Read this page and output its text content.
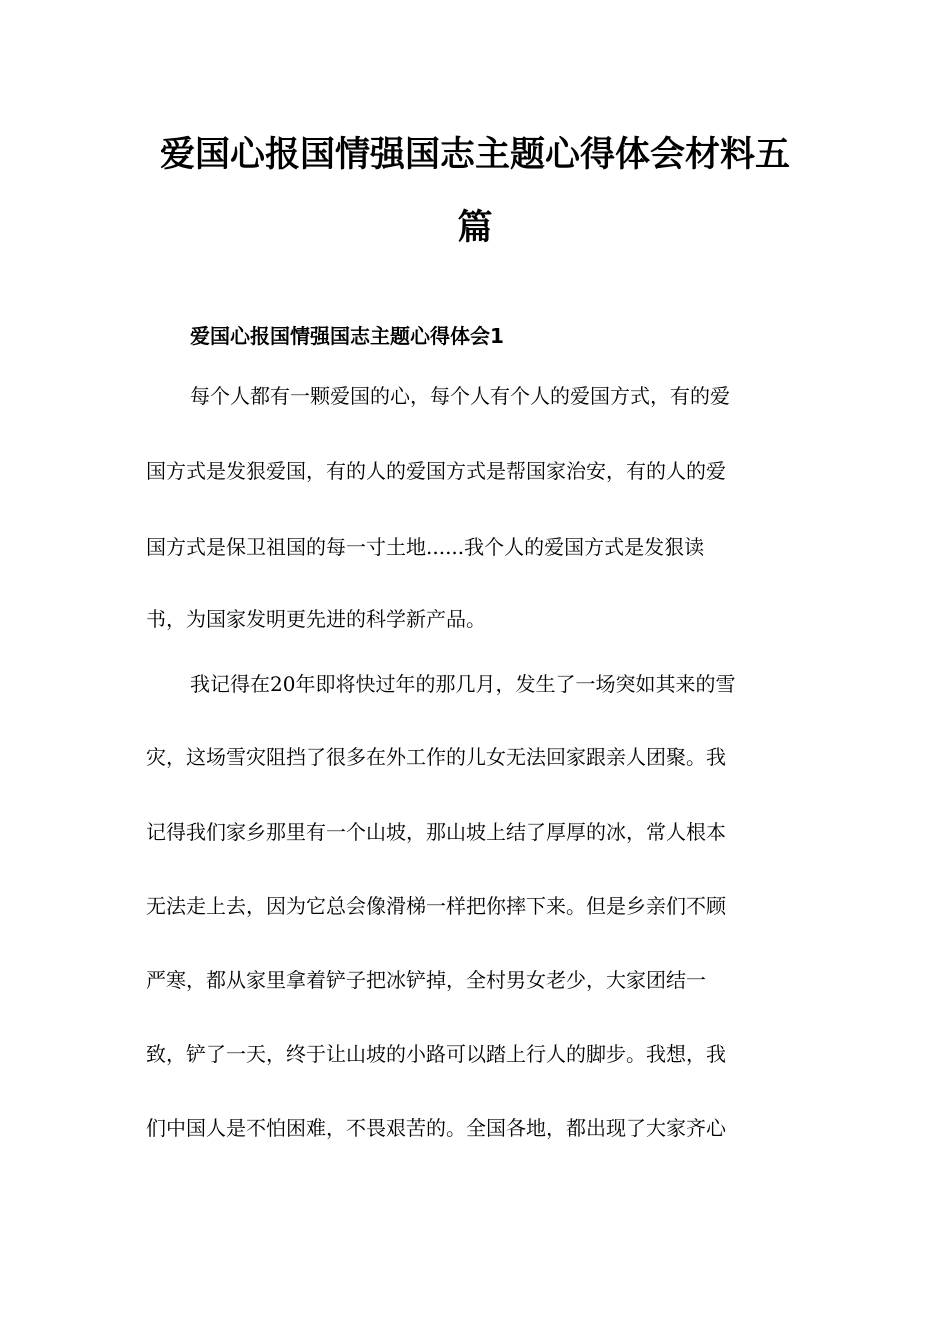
爱国心报国情强国志主题心得体会材料五
篇
爱国心报国情强国志主题心得体会1
每个人都有一颗爱国的心，每个人有个人的爱国方式，有的爱
国方式是发狠爱国，有的人的爱国方式是帮国家治安，有的人的爱
国方式是保卫祖国的每一寸土地......我个人的爱国方式是发狠读
书，为国家发明更先进的科学新产品。
我记得在20年即将快过年的那几月，发生了一场突如其来的雪
灾，这场雪灾阻挡了很多在外工作的儿女无法回家跟亲人团聚。我
记得我们家乡那里有一个山坡，那山坡上结了厚厚的冰，常人根本
无法走上去，因为它总会像滑梯一样把你摔下来。但是乡亲们不顾
严寒，都从家里拿着铲子把冰铲掉，全村男女老少，大家团结一
致，铲了一天，终于让山坡的小路可以踏上行人的脚步。我想，我
们中国人是不怕困难，不畏艰苦的。全国各地，都出现了大家齐心
